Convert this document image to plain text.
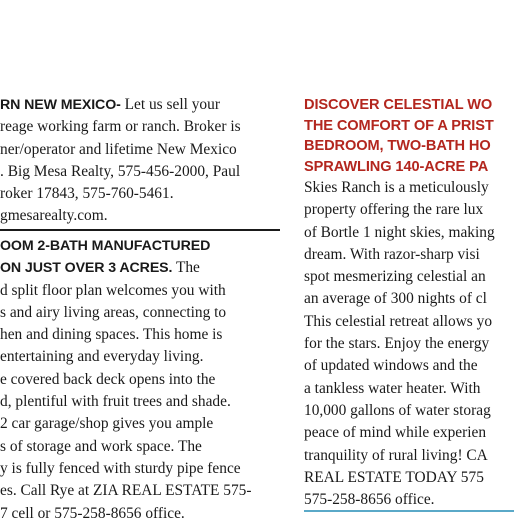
RN NEW MEXICO- Let us sell your
reage working farm or ranch. Broker is
ner/operator and lifetime New Mexico
. Big Mesa Realty, 575-456-2000, Paul
roker 17843, 575-760-5461.
gmesarealty.com.
OOM 2-BATH MANUFACTURED
ON JUST OVER 3 ACRES. The
d split floor plan welcomes you with
s and airy living areas, connecting to
hen and dining spaces. This home is
entertaining and everyday living.
e covered back deck opens into the
d, plentiful with fruit trees and shade.
2 car garage/shop gives you ample
s of storage and work space. The
y is fully fenced with sturdy pipe fence
es. Call Rye at ZIA REAL ESTATE 575-
7 cell or 575-258-8656 office.
DISCOVER CELESTIAL WO
THE COMFORT OF A PRIST
BEDROOM, TWO-BATH HO
SPRAWLING 140-ACRE PA
Skies Ranch is a meticulously
property offering the rare lux
of Bortle 1 night skies, making
dream. With razor-sharp visi
spot mesmerizing celestial an
an average of 300 nights of cl
This celestial retreat allows yo
for the stars. Enjoy the energy
of updated windows and the
a tankless water heater. With
10,000 gallons of water storag
peace of mind while experien
tranquility of rural living! CA
REAL ESTATE TODAY 575
575-258-8656 office.
